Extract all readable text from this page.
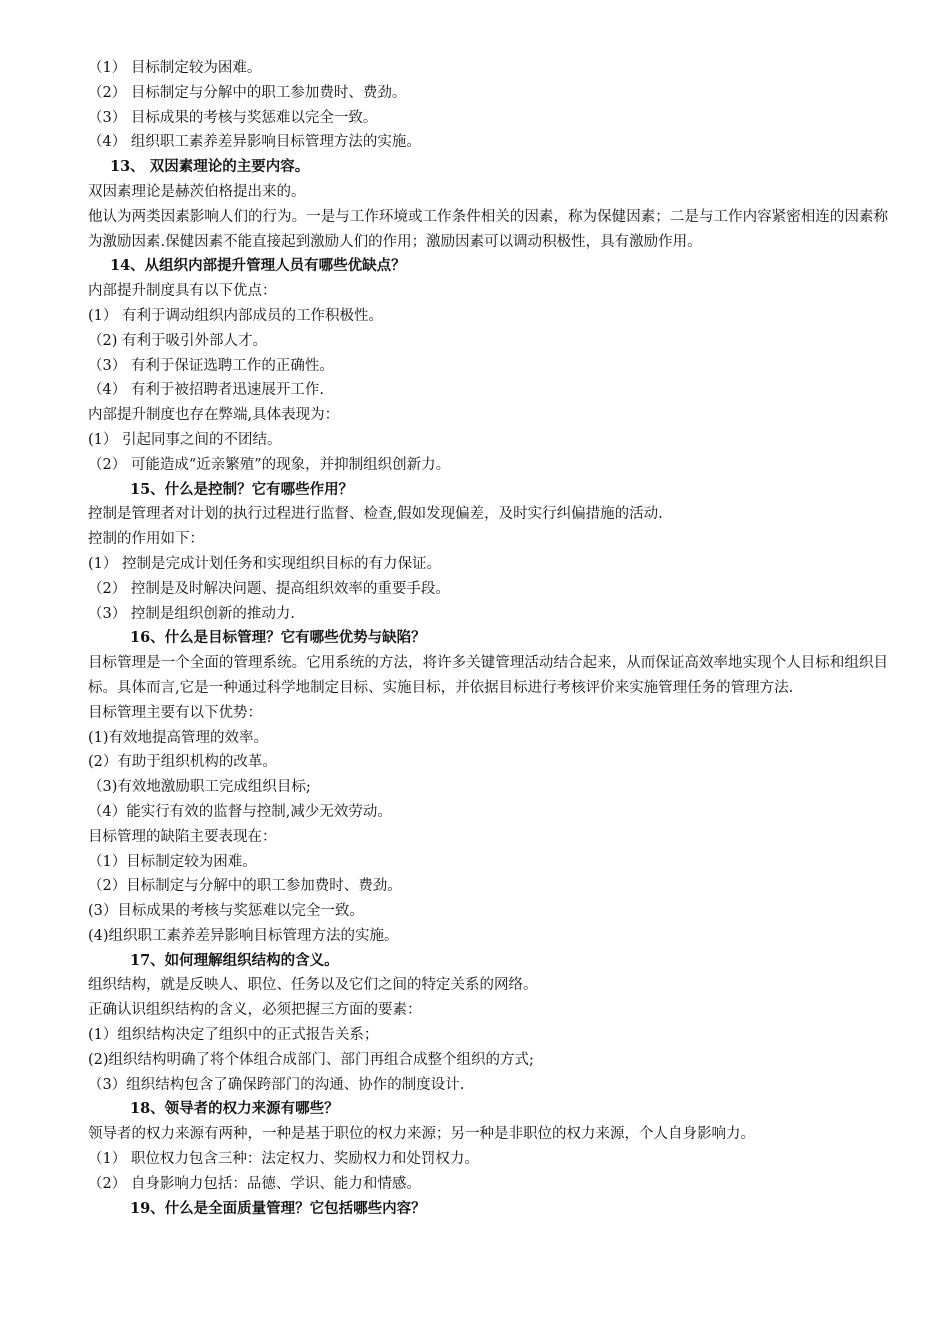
（1） 目标制定较为困难。

（2） 目标制定与分解中的职工参加费时、费劲。

（3） 目标成果的考核与奖惩难以完全一致。

（4） 组织职工素养差异影响目标管理方法的实施。

13、 双因素理论的主要内容。

双因素理论是赫茨伯格提出来的。

他认为两类因素影响人们的行为。一是与工作环境或工作条件相关的因素，称为保健因素；二是与工作内容紧密相连的因素称为激励因素.保健因素不能直接起到激励人们的作用；激励因素可以调动积极性，具有激励作用。

14、从组织内部提升管理人员有哪些优缺点？

内部提升制度具有以下优点：

(1） 有利于调动组织内部成员的工作积极性。

（2) 有利于吸引外部人才。

（3） 有利于保证选聘工作的正确性。

（4） 有利于被招聘者迅速展开工作.

内部提升制度也存在弊端,具体表现为：

(1） 引起同事之间的不团结。

（2） 可能造成“近亲繁殖”的现象，并抑制组织创新力。

15、什么是控制？它有哪些作用？

控制是管理者对计划的执行过程进行监督、检查,假如发现偏差，及时实行纠偏措施的活动.

控制的作用如下：

(1） 控制是完成计划任务和实现组织目标的有力保证。

（2） 控制是及时解决问题、提高组织效率的重要手段。

（3） 控制是组织创新的推动力.

16、什么是目标管理？它有哪些优势与缺陷？

目标管理是一个全面的管理系统。它用系统的方法，将许多关键管理活动结合起来，从而保证高效率地实现个人目标和组织目标。具体而言,它是一种通过科学地制定目标、实施目标，并依据目标进行考核评价来实施管理任务的管理方法.

目标管理主要有以下优势：

(1)有效地提高管理的效率。

(2）有助于组织机构的改革。

（3)有效地激励职工完成组织目标;

（4）能实行有效的监督与控制,减少无效劳动。

目标管理的缺陷主要表现在：

（1）目标制定较为困难。

（2）目标制定与分解中的职工参加费时、费劲。

(3）目标成果的考核与奖惩难以完全一致。

(4)组织职工素养差异影响目标管理方法的实施。

17、如何理解组织结构的含义。

组织结构，就是反映人、职位、任务以及它们之间的特定关系的网络。

正确认识组织结构的含义，必须把握三方面的要素：

(1）组织结构决定了组织中的正式报告关系；

(2)组织结构明确了将个体组合成部门、部门再组合成整个组织的方式;

（3）组织结构包含了确保跨部门的沟通、协作的制度设计.

18、领导者的权力来源有哪些？

领导者的权力来源有两种，一种是基于职位的权力来源；另一种是非职位的权力来源，个人自身影响力。

（1） 职位权力包含三种：法定权力、奖励权力和处罚权力。

（2） 自身影响力包括：品德、学识、能力和情感。

19、什么是全面质量管理？它包括哪些内容？
